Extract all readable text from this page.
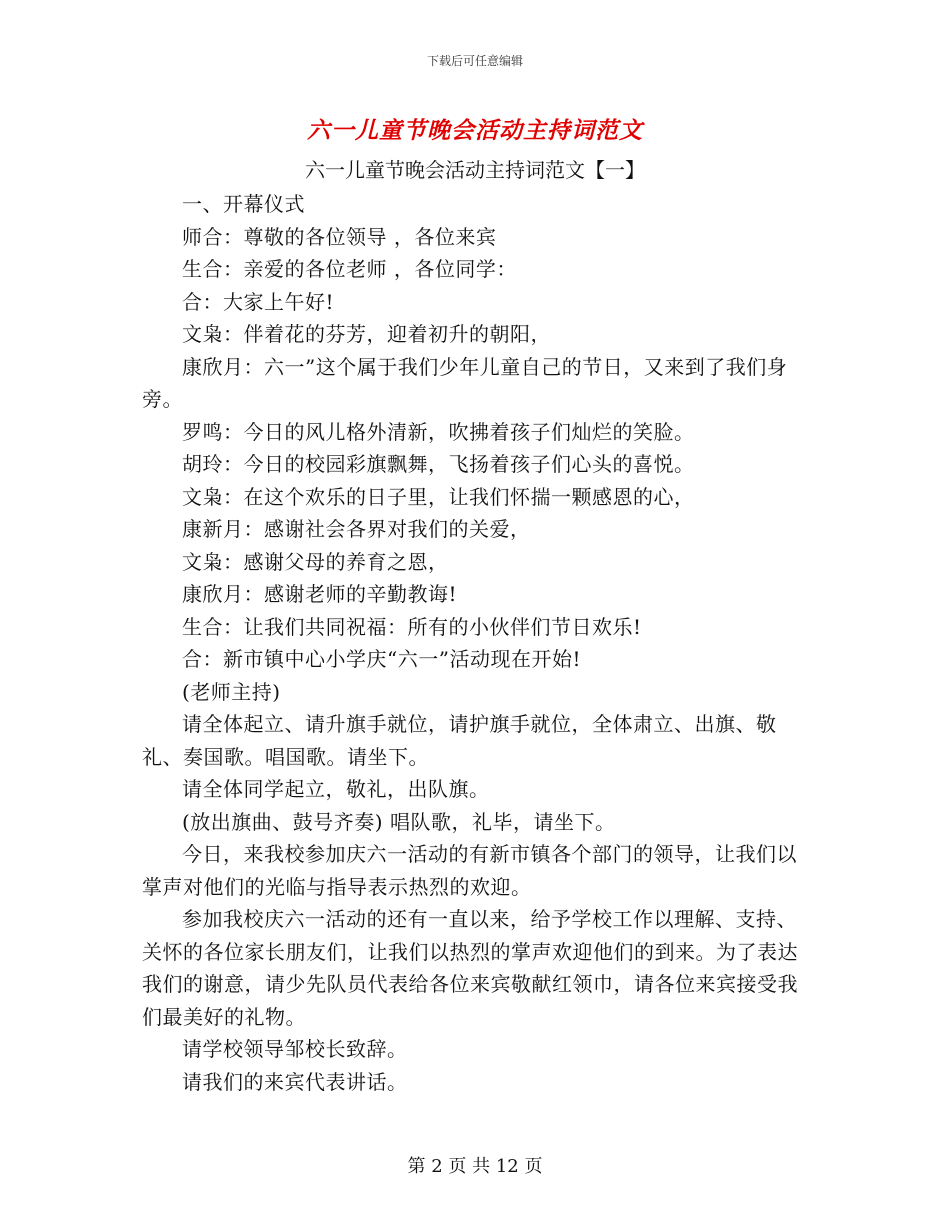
下载后可任意编辑
六一儿童节晚会活动主持词范文
六一儿童节晚会活动主持词范文【一】

一、开幕仪式

师合：尊敬的各位领导 ，各位来宾

生合：亲爱的各位老师 ，各位同学：

合：大家上午好!

文枭：伴着花的芬芳，迎着初升的朝阳，

康欣月：六一”这个属于我们少年儿童自己的节日，又来到了我们身旁。

罗鸣：今日的风儿格外清新，吹拂着孩子们灿烂的笑脸。

胡玲：今日的校园彩旗飘舞，飞扬着孩子们心头的喜悦。

文枭：在这个欢乐的日子里，让我们怀揣一颗感恩的心，

康新月：感谢社会各界对我们的关爱，

文枭：感谢父母的养育之恩，

康欣月：感谢老师的辛勤教诲!

生合：让我们共同祝福：所有的小伙伴们节日欢乐!

合：新市镇中心小学庆“六一”活动现在开始!

(老师主持)

请全体起立、请升旗手就位，请护旗手就位，全体肃立、出旗、敬礼、奏国歌。唱国歌。请坐下。

请全体同学起立，敬礼，出队旗。

(放出旗曲、鼓号齐奏) 唱队歌，礼毕，请坐下。

今日，来我校参加庆六一活动的有新市镇各个部门的领导，让我们以掌声对他们的光临与指导表示热烈的欢迎。

参加我校庆六一活动的还有一直以来，给予学校工作以理解、支持、关怀的各位家长朋友们，让我们以热烈的掌声欢迎他们的到来。为了表达我们的谢意，请少先队员代表给各位来宾敬献红领巾，请各位来宾接受我们最美好的礼物。

请学校领导邹校长致辞。

请我们的来宾代表讲话。

第 2 页 共 12 页
